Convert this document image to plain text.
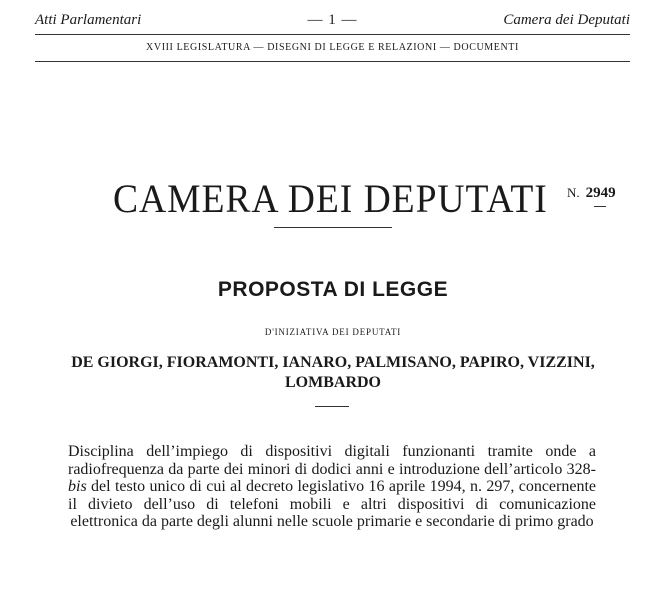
Atti Parlamentari	— 1 —	Camera dei Deputati
XVIII LEGISLATURA — DISEGNI DI LEGGE E RELAZIONI — DOCUMENTI
CAMERA DEI DEPUTATI N. 2949
PROPOSTA DI LEGGE
D'INIZIATIVA DEI DEPUTATI
DE GIORGI, FIORAMONTI, IANARO, PALMISANO, PAPIRO, VIZZINI, LOMBARDO
Disciplina dell’impiego di dispositivi digitali funzionanti tramite onde a radiofrequenza da parte dei minori di dodici anni e introduzione dell’articolo 328-bis del testo unico di cui al decreto legislativo 16 aprile 1994, n. 297, concernente il divieto dell’uso di telefoni mobili e altri dispositivi di comunicazione elettronica da parte degli alunni nelle scuole primarie e secondarie di primo grado
